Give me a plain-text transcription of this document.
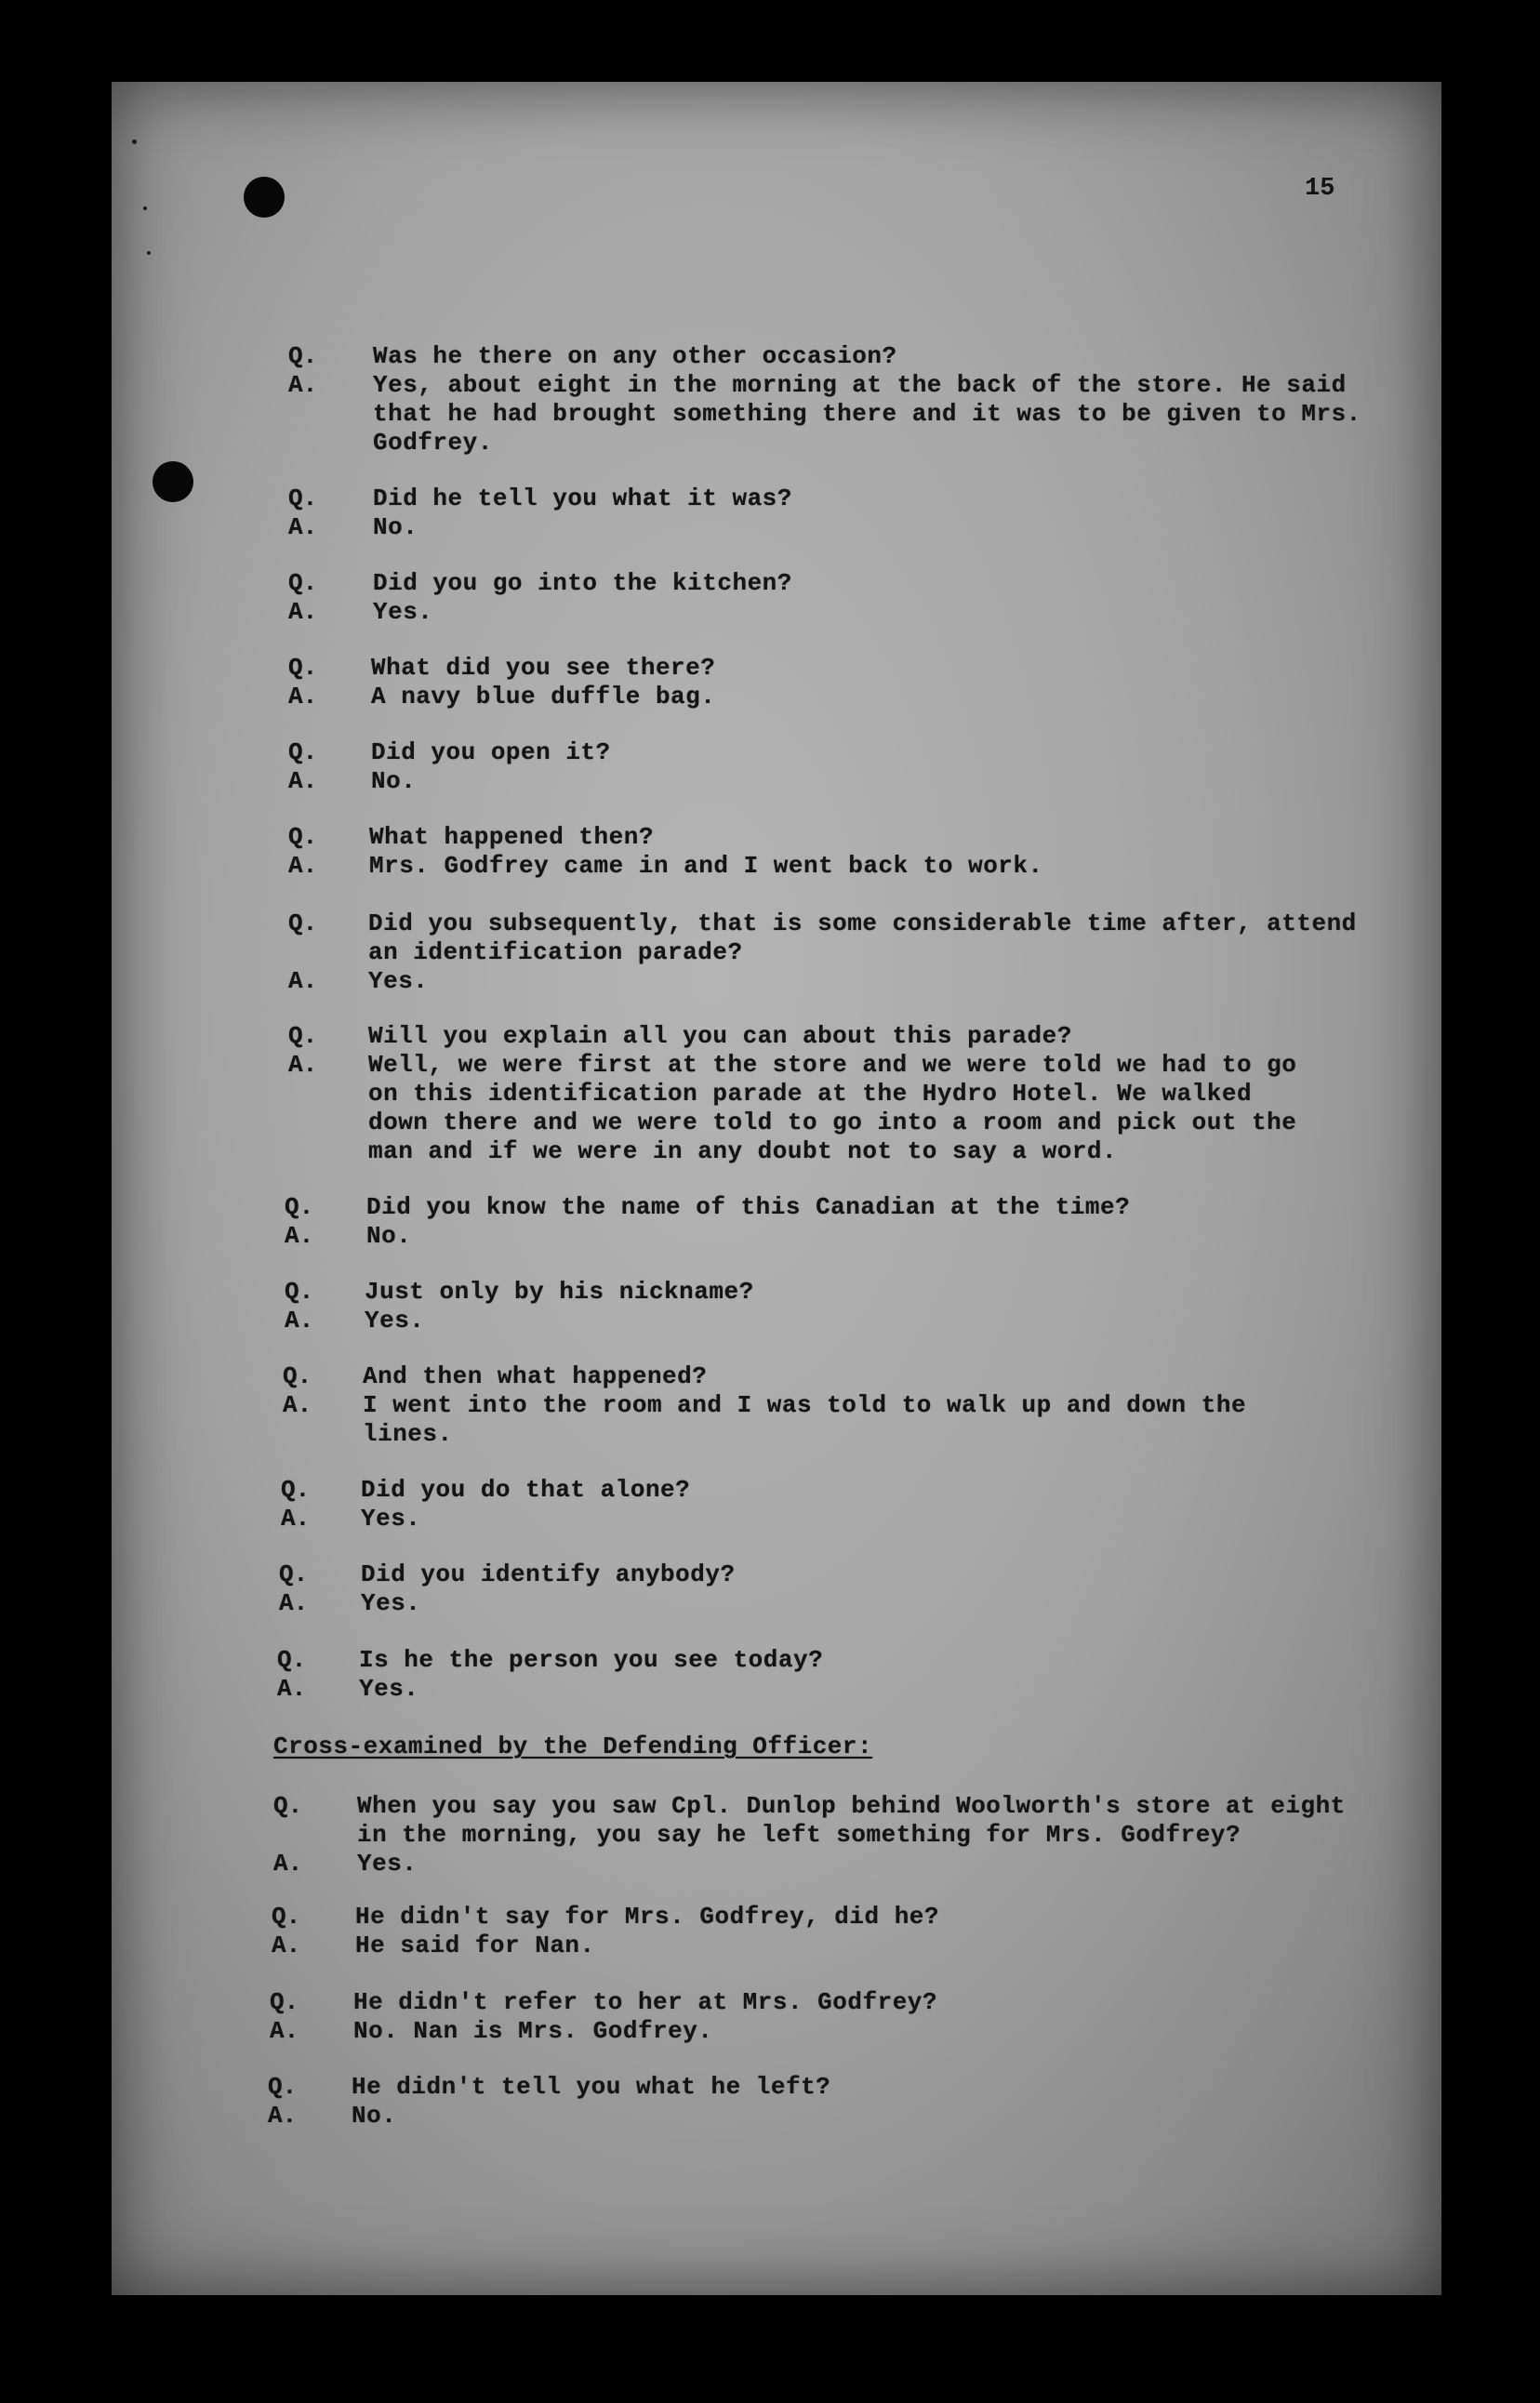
15
Q. Was he there on any other occasion?
A. Yes, about eight in the morning at the back of the store. He said
that he had brought something there and it was to be given to Mrs.
Godfrey.
Q. Did he tell you what it was?
A. No.
Q. Did you go into the kitchen?
A. Yes.
Q. What did you see there?
A. A navy blue duffle bag.
Q. Did you open it?
A. No.
Q. What happened then?
A. Mrs. Godfrey came in and I went back to work.
Q. Did you subsequently, that is some considerable time after, attend
an identification parade?
A. Yes.
Q. Will you explain all you can about this parade?
A. Well, we were first at the store and we were told we had to go
on this identification parade at the Hydro Hotel. We walked
down there and we were told to go into a room and pick out the
man and if we were in any doubt not to say a word.
Q. Did you know the name of this Canadian at the time?
A. No.
Q. Just only by his nickname?
A. Yes.
Q. And then what happened?
A. I went into the room and I was told to walk up and down the
lines.
Q. Did you do that alone?
A. Yes.
Q. Did you identify anybody?
A. Yes.
Q. Is he the person you see today?
A. Yes.
Cross-examined by the Defending Officer:
Q. When you say you saw Cpl. Dunlop behind Woolworth's store at eight
in the morning, you say he left something for Mrs. Godfrey?
A. Yes.
Q. He didn't say for Mrs. Godfrey, did he?
A. He said for Nan.
Q. He didn't refer to her at Mrs. Godfrey?
A. No. Nan is Mrs. Godfrey.
Q. He didn't tell you what he left?
A. No.
